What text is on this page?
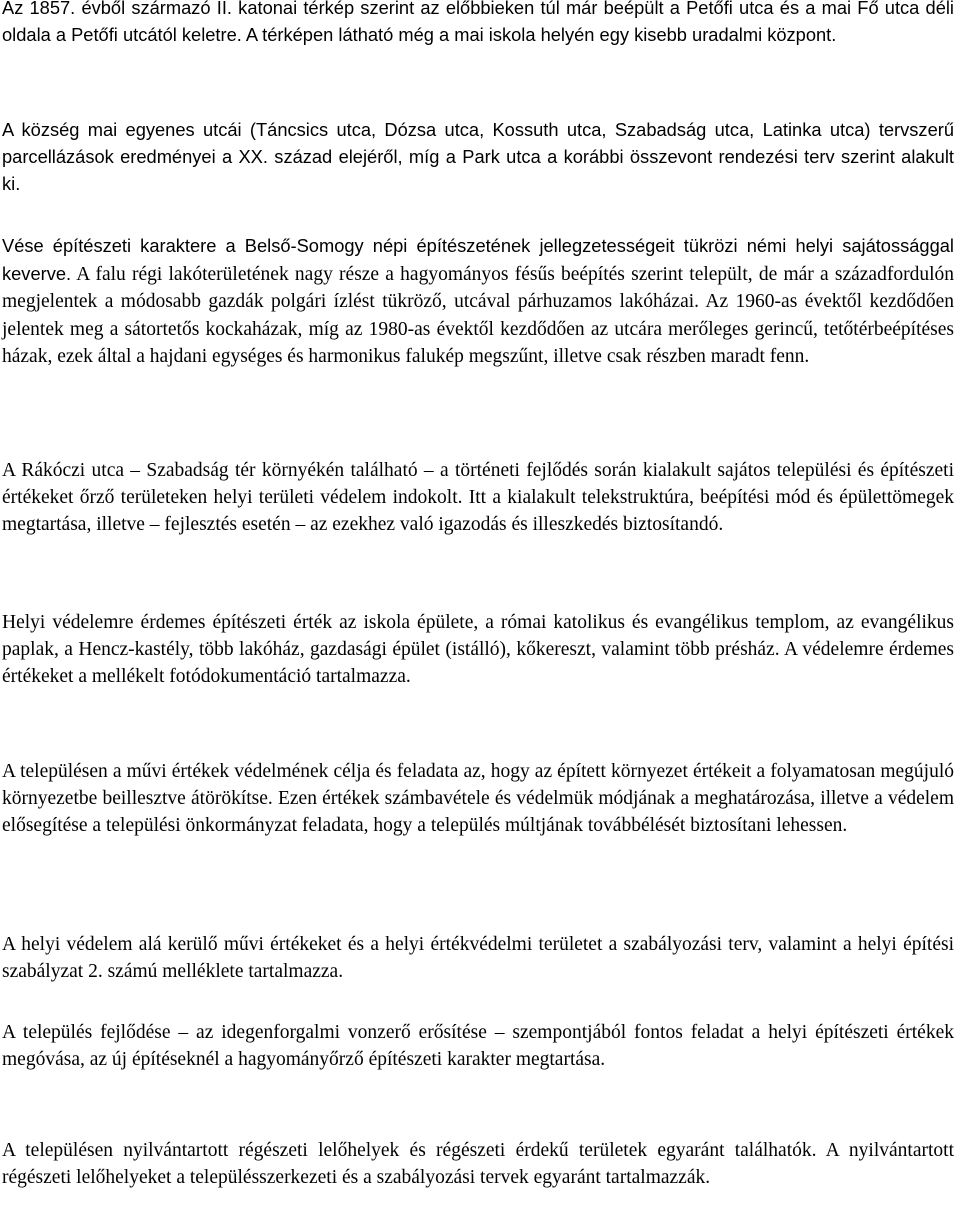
Az 1857. évből származó II. katonai térkép szerint az előbbieken túl már beépült a Petőfi utca és a mai Fő utca déli oldala a Petőfi utcától keletre. A térképen látható még a mai iskola helyén egy kisebb uradalmi központ.

A község mai egyenes utcái (Táncsics utca, Dózsa utca, Kossuth utca, Szabadság utca, Latinka utca) tervszerű parcellázások eredményei a XX. század elejéről, míg a Park utca a korábbi összevont rendezési terv szerint alakult ki.

Vése építészeti karaktere a Belső-Somogy népi építészetének jellegzetességeit tükrözi némi helyi sajátossággal keverve. A falu régi lakóterületének nagy része a hagyományos fésűs beépítés szerint települt, de már a századfordulón megjelentek a módosabb gazdák polgári ízlést tükröző, utcával párhuzamos lakóházai. Az 1960-as évektől kezdődően jelentek meg a sátortetős kockaházak, míg az 1980-as évektől kezdődően az utcára merőleges gerincű, tetőtérbeépítéses házak, ezek által a hajdani egységes és harmonikus falukép megszűnt, illetve csak részben maradt fenn.

A Rákóczi utca – Szabadság tér környékén található – a történeti fejlődés során kialakult sajátos települési és építészeti értékeket őrző területeken helyi területi védelem indokolt. Itt a kialakult telekstruktúra, beépítési mód és épülettömegek megtartása, illetve – fejlesztés esetén – az ezekhez való igazodás és illeszkedés biztosítandó.

Helyi védelemre érdemes építészeti érték az iskola épülete, a római katolikus és evangélikus templom, az evangélikus paplak, a Hencz-kastély, több lakóház, gazdasági épület (istálló), kőkereszt, valamint több présház. A védelemre érdemes értékeket a mellékelt fotódokumentáció tartalmazza.

A településen a művi értékek védelmének célja és feladata az, hogy az épített környezet értékeit a folyamatosan megújuló környezetbe beillesztve átörökítse. Ezen értékek számbavétele és védelmük módjának a meghatározása, illetve a védelem elősegítése a települési önkormányzat feladata, hogy a település múltjának továbbélését biztosítani lehessen.

A helyi védelem alá kerülő művi értékeket és a helyi értékvédelmi területet a szabályozási terv, valamint a helyi építési szabályzat 2. számú melléklete tartalmazza.

A település fejlődése – az idegenforgalmi vonzerő erősítése – szempontjából fontos feladat a helyi építészeti értékek megóvása, az új építéseknél a hagyományőrző építészeti karakter megtartása.

A településen nyilvántartott régészeti lelőhelyek és régészeti érdekű területek egyaránt találhatók. A nyilvántartott régészeti lelőhelyeket a településszerkezeti és a szabályozási tervek egyaránt tartalmazzák.
